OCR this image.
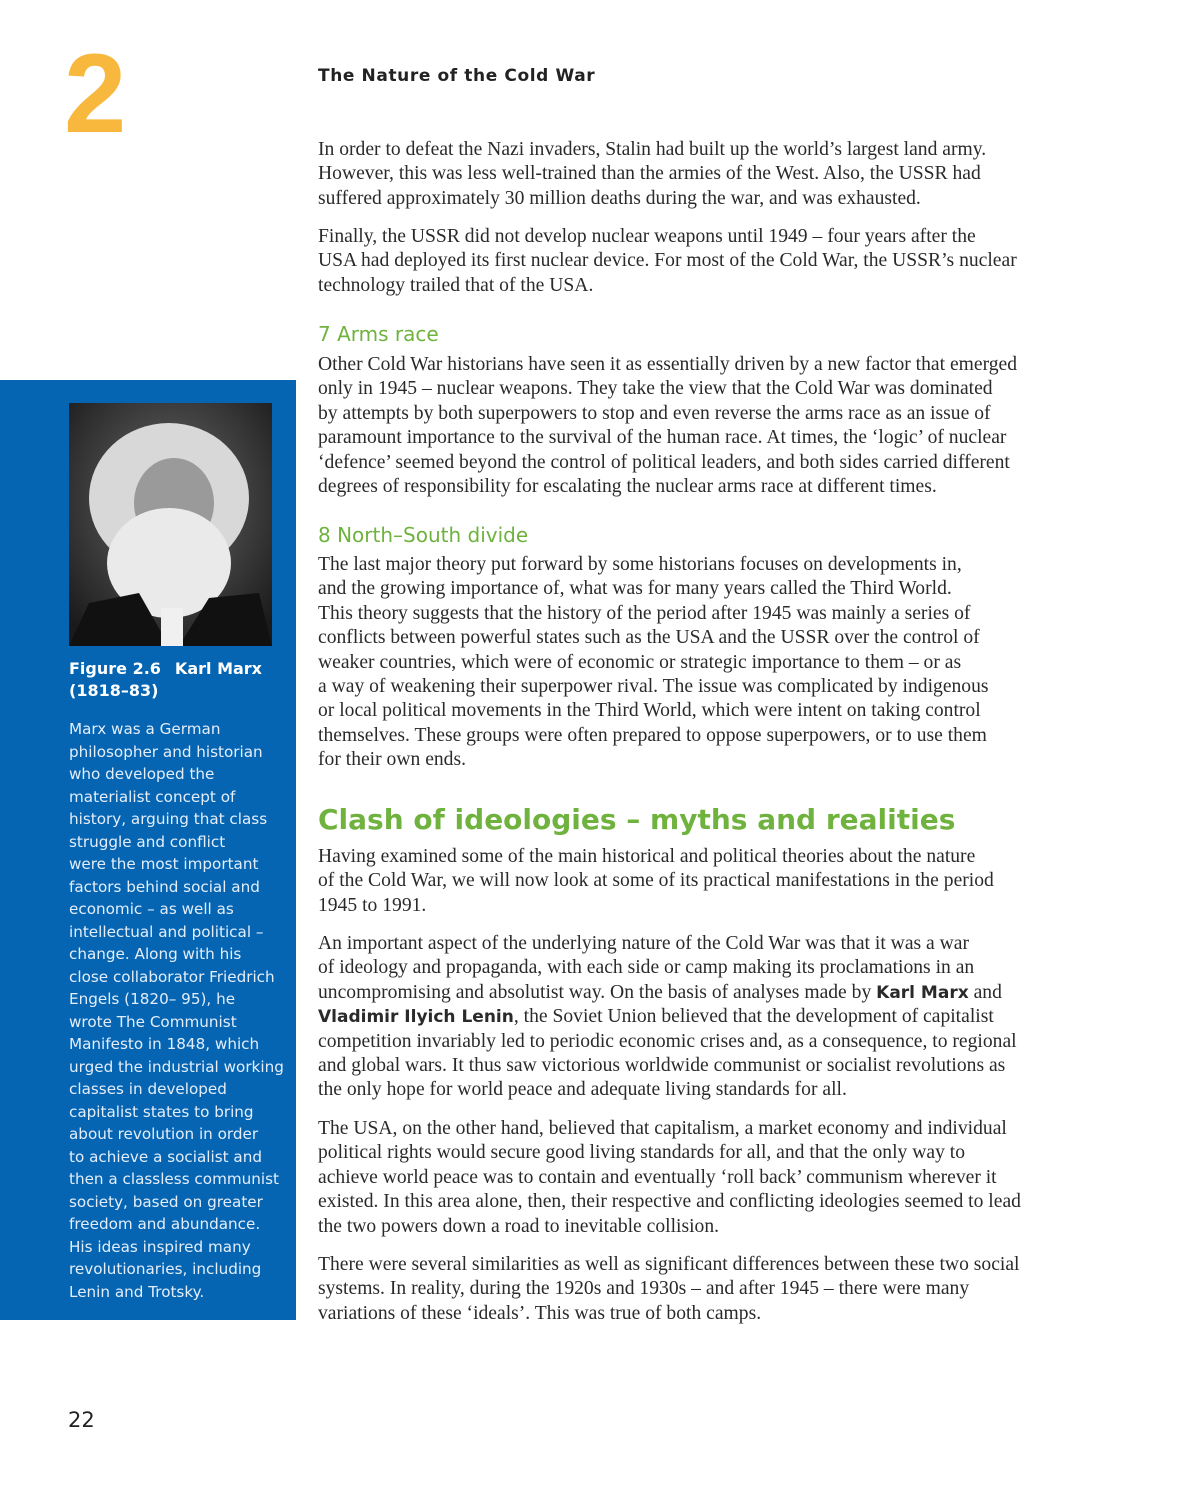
2	The Nature of the Cold War
In order to defeat the Nazi invaders, Stalin had built up the world’s largest land army.
However, this was less well-trained than the armies of the West. Also, the USSR had
suffered approximately 30 million deaths during the war, and was exhausted.
Finally, the USSR did not develop nuclear weapons until 1949 – four years after the
USA had deployed its first nuclear device. For most of the Cold War, the USSR’s nuclear
technology trailed that of the USA.
7 Arms race
Other Cold War historians have seen it as essentially driven by a new factor that emerged
only in 1945 – nuclear weapons. They take the view that the Cold War was dominated
by attempts by both superpowers to stop and even reverse the arms race as an issue of
paramount importance to the survival of the human race. At times, the ‘logic’ of nuclear
‘defence’ seemed beyond the control of political leaders, and both sides carried different
degrees of responsibility for escalating the nuclear arms race at different times.
8 North–South divide
The last major theory put forward by some historians focuses on developments in,
and the growing importance of, what was for many years called the Third World.
This theory suggests that the history of the period after 1945 was mainly a series of
conflicts between powerful states such as the USA and the USSR over the control of
weaker countries, which were of economic or strategic importance to them – or as
a way of weakening their superpower rival. The issue was complicated by indigenous
or local political movements in the Third World, which were intent on taking control
themselves. These groups were often prepared to oppose superpowers, or to use them
for their own ends.
Clash of ideologies – myths and realities
Having examined some of the main historical and political theories about the nature
of the Cold War, we will now look at some of its practical manifestations in the period
1945 to 1991.
An important aspect of the underlying nature of the Cold War was that it was a war
of ideology and propaganda, with each side or camp making its proclamations in an
uncompromising and absolutist way. On the basis of analyses made by Karl Marx and
Vladimir Ilyich Lenin, the Soviet Union believed that the development of capitalist
competition invariably led to periodic economic crises and, as a consequence, to regional
and global wars. It thus saw victorious worldwide communist or socialist revolutions as
the only hope for world peace and adequate living standards for all.
The USA, on the other hand, believed that capitalism, a market economy and individual
political rights would secure good living standards for all, and that the only way to
achieve world peace was to contain and eventually ‘roll back’ communism wherever it
existed. In this area alone, then, their respective and conflicting ideologies seemed to lead
the two powers down a road to inevitable collision.
There were several similarities as well as significant differences between these two social
systems. In reality, during the 1920s and 1930s – and after 1945 – there were many
variations of these ‘ideals’. This was true of both camps.
Figure 2.6 Karl Marx
(1818–83)
Marx was a German
philosopher and historian
who developed the
materialist concept of
history, arguing that class
struggle and conflict
were the most important
factors behind social and
economic – as well as
intellectual and political –
change. Along with his
close collaborator Friedrich
Engels (1820– 95), he
wrote The Communist
Manifesto in 1848, which
urged the industrial working
classes in developed
capitalist states to bring
about revolution in order
to achieve a socialist and
then a classless communist
society, based on greater
freedom and abundance.
His ideas inspired many
revolutionaries, including
Lenin and Trotsky.
22
